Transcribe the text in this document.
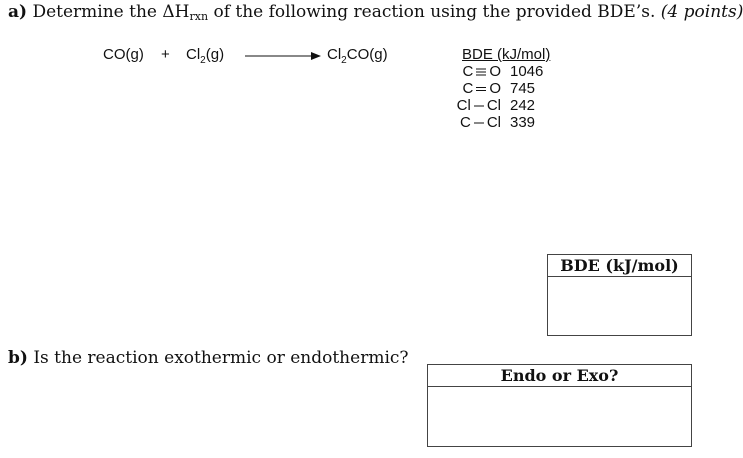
a) Determine the $\Delta H_{rxn}$ of the following reaction using the provided BDE’s. (4 points)
$CO(g) + Cl_2(g)$	$Cl_2CO(g)$	BDE (kJ/mol)
C O 1046
C O 745
Cl Cl 242
C Cl 339
b) Is the reaction exothermic or endothermic?
BDE (kJ/mol)
Endo or Exo?
